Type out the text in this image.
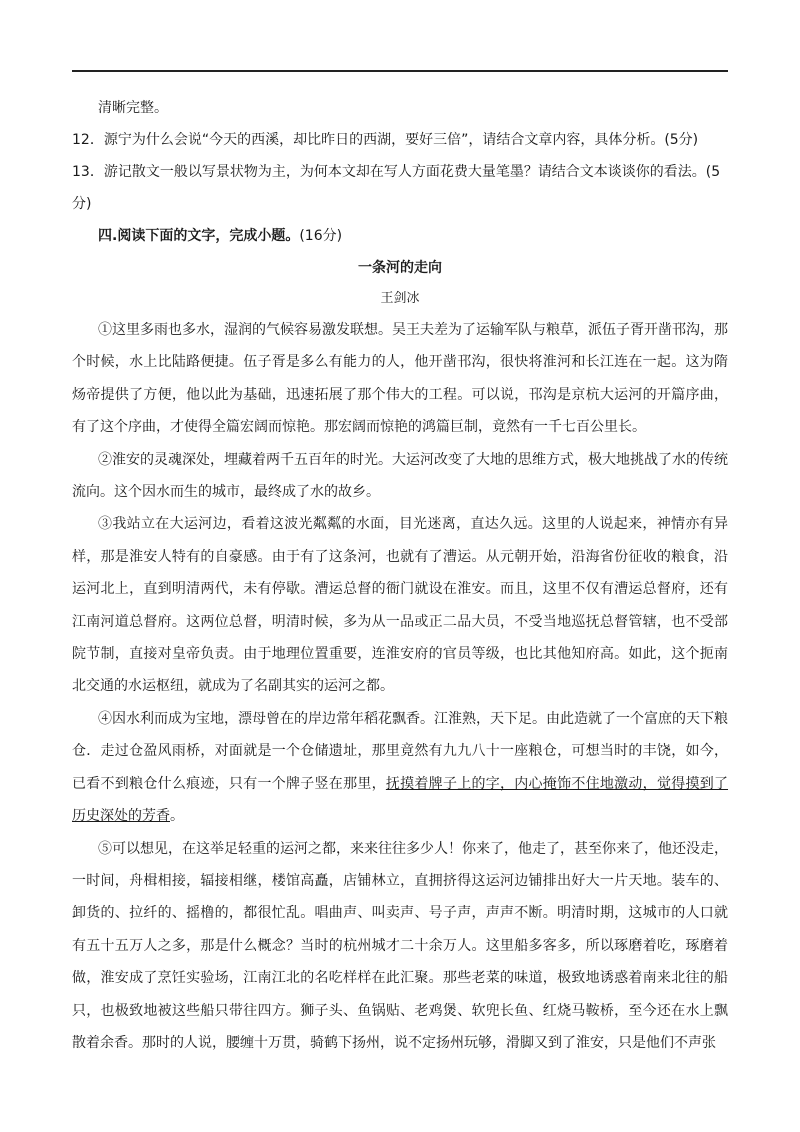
清晰完整。

12．源宁为什么会说“今天的西溪，却比昨日的西湖，要好三倍”，请结合文章内容，具体分析。(5分)

13．游记散文一般以写景状物为主，为何本文却在写人方面花费大量笔墨？请结合文本谈谈你的看法。(5分)

四.阅读下面的文字，完成小题。(16分)

一条河的走向

王剑冰

①这里多雨也多水，湿润的气候容易激发联想。吴王夫差为了运输军队与粮草，派伍子胥开凿邗沟，那个时候，水上比陆路便捷。伍子胥是多么有能力的人，他开凿邗沟，很快将淮河和长江连在一起。这为隋炀帝提供了方便，他以此为基础，迅速拓展了那个伟大的工程。可以说，邗沟是京杭大运河的开篇序曲，有了这个序曲，才使得全篇宏阔而惊艳。那宏阔而惊艳的鸿篇巨制，竟然有一千七百公里长。

②淮安的灵魂深处，埋藏着两千五百年的时光。大运河改变了大地的思维方式，极大地挑战了水的传统流向。这个因水而生的城市，最终成了水的故乡。

③我站立在大运河边，看着这波光粼粼的水面，目光迷离，直达久远。这里的人说起来，神情亦有异样，那是淮安人特有的自豪感。由于有了这条河，也就有了漕运。从元朝开始，沿海省份征收的粮食，沿运河北上，直到明清两代，未有停歇。漕运总督的衙门就设在淮安。而且，这里不仅有漕运总督府，还有江南河道总督府。这两位总督，明清时候，多为从一品或正二品大员，不受当地巡抚总督管辖，也不受部院节制，直接对皇帝负责。由于地理位置重要，连淮安府的官员等级，也比其他知府高。如此，这个扼南北交通的水运枢纽，就成为了名副其实的运河之都。

④因水利而成为宝地，漂母曾在的岸边常年稻花飘香。江淮熟，天下足。由此造就了一个富庶的天下粮仓．走过仓盈风雨桥，对面就是一个仓储遗址，那里竟然有九九八十一座粮仓，可想当时的丰饶，如今，已看不到粮仓什么痕迹，只有一个牌子竖在那里，抚摸着牌子上的字，内心掩饰不住地激动，觉得摸到了历史深处的芳香。

⑤可以想见，在这举足轻重的运河之都，来来往往多少人！你来了，他走了，甚至你来了，他还没走，一时间，舟楫相接，辐接相继，楼馆高矗，店铺林立，直拥挤得这运河边铺排出好大一片天地。装车的、卸货的、拉纤的、摇橹的，都很忙乱。唱曲声、叫卖声、号子声，声声不断。明清时期，这城市的人口就有五十五万人之多，那是什么概念？当时的杭州城才二十余万人。这里船多客多，所以琢磨着吃，琢磨着做，淮安成了烹饪实验场，江南江北的名吃样样在此汇聚。那些老菜的味道，极致地诱惑着南来北往的船只，也极致地被这些船只带往四方。狮子头、鱼锅贴、老鸡煲、软兜长鱼、红烧马鞍桥，至今还在水上飘散着余香。那时的人说，腰缠十万贯，骑鹤下扬州，说不定扬州玩够，滑脚又到了淮安，只是他们不声张
